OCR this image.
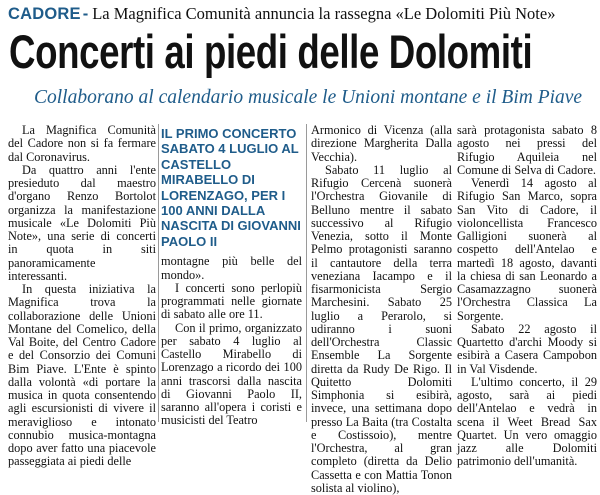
CADORE - La Magnifica Comunità annuncia la rassegna «Le Dolomiti Più Note»
Concerti ai piedi delle Dolomiti
Collaborano al calendario musicale le Unioni montane e il Bim Piave

La Magnifica Comunità del Cadore non si fa fermare dal Coronavirus.

Da quattro anni l'ente presieduto dal maestro d'organo Renzo Bortolot organizza la manifestazione musicale «Le Dolomiti Più Note», una serie di concerti in quota in siti panoramicamente interessanti.

In questa iniziativa la Magnifica trova la collaborazione delle Unioni Montane del Comelico, della Val Boite, del Centro Cadore e del Consorzio dei Comuni Bim Piave. L'Ente è spinto dalla volontà «di portare la musica in quota consentendo agli escursionisti di vivere il meraviglioso e intonato connubio musica-montagna dopo aver fatto una piacevole passeggiata ai piedi delle

IL PRIMO CONCERTO SABATO 4 LUGLIO AL CASTELLO MIRABELLO DI LORENZAGO, PER I 100 ANNI DALLA NASCITA DI GIOVANNI PAOLO II

montagne più belle del mondo».

I concerti sono perlopiù programmati nelle giornate di sabato alle ore 11.

Con il primo, organizzato per sabato 4 luglio al Castello Mirabello di Lorenzago a ricordo dei 100 anni trascorsi dalla nascita di Giovanni Paolo II, saranno all'opera i coristi e musicisti del Teatro

Armonico di Vicenza (alla direzione Margherita Dalla Vecchia).

Sabato 11 luglio al Rifugio Cercenà suonerà l'Orchestra Giovanile di Belluno mentre il sabato successivo al Rifugio Venezia, sotto il Monte Pelmo protagonisti saranno il cantautore della terra veneziana Iacampo e il fisarmonicista Sergio Marchesini. Sabato 25 luglio a Perarolo, si udiranno i suoni dell'Orchestra Classic Ensemble La Sorgente diretta da Rudy De Rigo. Il Quitetto Dolomiti Simphonia si esibirà, invece, una settimana dopo presso La Baita (tra Costalta e Costissoio), mentre l'Orchestra, al gran completo (diretta da Delio Cassetta e con Mattia Tonon solista al violino),

sarà protagonista sabato 8 agosto nei pressi del Rifugio Aquileia nel Comune di Selva di Cadore.

Venerdì 14 agosto al Rifugio San Marco, sopra San Vito di Cadore, il violoncellista Francesco Galligioni suonerà al cospetto dell'Antelao e martedì 18 agosto, davanti la chiesa di san Leonardo a Casamazzagno suonerà l'Orchestra Classica La Sorgente.

Sabato 22 agosto il Quartetto d'archi Moody si esibirà a Casera Campobon in Val Visdende.

L'ultimo concerto, il 29 agosto, sarà ai piedi dell'Antelao e vedrà in scena il Weet Bread Sax Quartet. Un vero omaggio jazz alle Dolomiti patrimonio dell'umanità.
